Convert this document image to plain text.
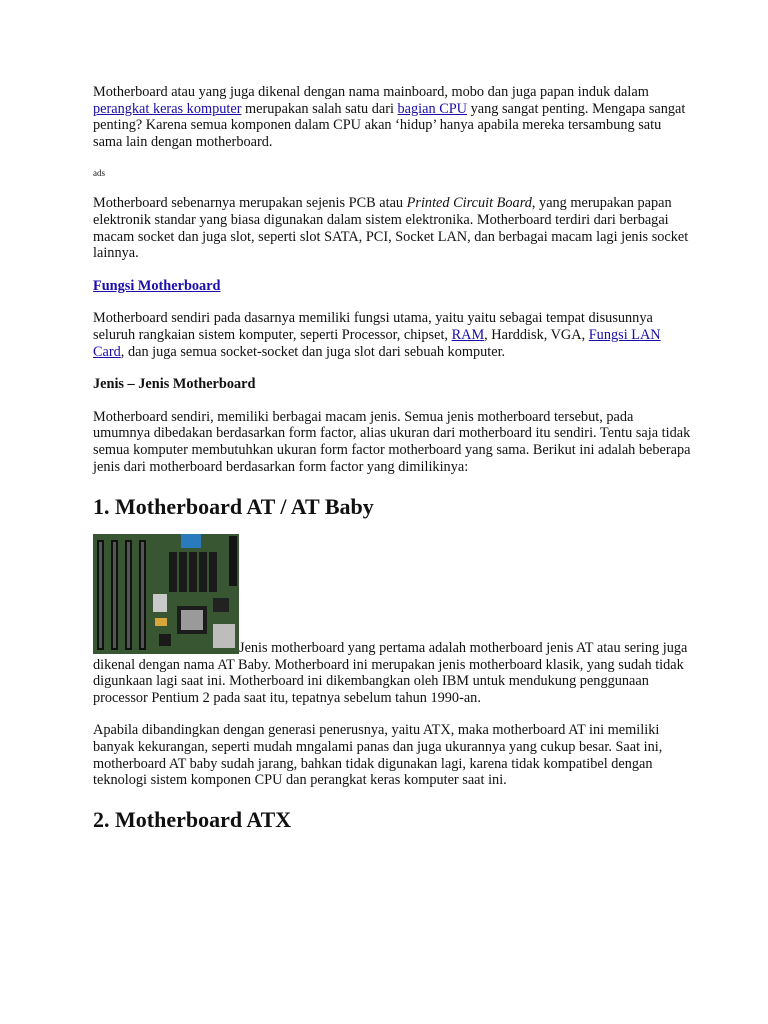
Motherboard atau yang juga dikenal dengan nama mainboard, mobo dan juga papan induk dalam perangkat keras komputer merupakan salah satu dari bagian CPU yang sangat penting. Mengapa sangat penting? Karena semua komponen dalam CPU akan ‘hidup’ hanya apabila mereka tersambung satu sama lain dengan motherboard.

ads

Motherboard sebenarnya merupakan sejenis PCB atau Printed Circuit Board, yang merupakan papan elektronik standar yang biasa digunakan dalam sistem elektronika. Motherboard terdiri dari berbagai macam socket dan juga slot, seperti slot SATA, PCI, Socket LAN, dan berbagai macam lagi jenis socket lainnya.

Fungsi Motherboard

Motherboard sendiri pada dasarnya memiliki fungsi utama, yaitu yaitu sebagai tempat disusunnya seluruh rangkaian sistem komputer, seperti Processor, chipset, RAM, Harddisk, VGA, Fungsi LAN Card, dan juga semua socket-socket dan juga slot dari sebuah komputer.

Jenis – Jenis Motherboard

Motherboard sendiri, memiliki berbagai macam jenis. Semua jenis motherboard tersebut, pada umumnya dibedakan berdasarkan form factor, alias ukuran dari motherboard itu sendiri. Tentu saja tidak semua komputer membutuhkan ukuran form factor motherboard yang sama. Berikut ini adalah beberapa jenis dari motherboard berdasarkan form factor yang dimilikinya:

1. Motherboard AT / AT Baby

Jenis motherboard yang pertama adalah motherboard jenis AT atau sering juga dikenal dengan nama AT Baby. Motherboard ini merupakan jenis motherboard klasik, yang sudah tidak digunkaan lagi saat ini. Motherboard ini dikembangkan oleh IBM untuk mendukung penggunaan processor Pentium 2 pada saat itu, tepatnya sebelum tahun 1990-an.

Apabila dibandingkan dengan generasi penerusnya, yaitu ATX, maka motherboard AT ini memiliki banyak kekurangan, seperti mudah mngalami panas dan juga ukurannya yang cukup besar. Saat ini, motherboard AT baby sudah jarang, bahkan tidak digunakan lagi, karena tidak kompatibel dengan teknologi sistem komponen CPU dan perangkat keras komputer saat ini.

2. Motherboard ATX
